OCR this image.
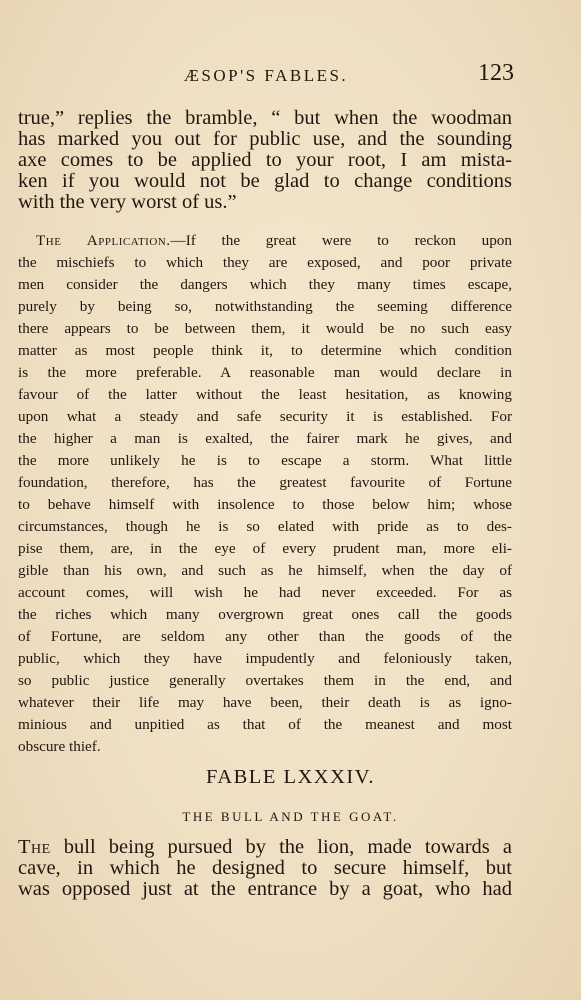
ÆSOP'S FABLES.	123
true,” replies the bramble, “ but when the woodman
has marked you out for public use, and the sounding
axe comes to be applied to your root, I am mista-
ken if you would not be glad to change conditions
with the very worst of us.”
The Application.—If the great were to reckon upon
the mischiefs to which they are exposed, and poor private
men consider the dangers which they many times escape,
purely by being so, notwithstanding the seeming difference
there appears to be between them, it would be no such easy
matter as most people think it, to determine which condition
is the more preferable. A reasonable man would declare in
favour of the latter without the least hesitation, as knowing
upon what a steady and safe security it is established. For
the higher a man is exalted, the fairer mark he gives, and
the more unlikely he is to escape a storm. What little
foundation, therefore, has the greatest favourite of Fortune
to behave himself with insolence to those below him; whose
circumstances, though he is so elated with pride as to des-
pise them, are, in the eye of every prudent man, more eli-
gible than his own, and such as he himself, when the day of
account comes, will wish he had never exceeded. For as
the riches which many overgrown great ones call the goods
of Fortune, are seldom any other than the goods of the
public, which they have impudently and feloniously taken,
so public justice generally overtakes them in the end, and
whatever their life may have been, their death is as igno-
minious and unpitied as that of the meanest and most
obscure thief.
FABLE LXXXIV.
THE BULL AND THE GOAT.
The bull being pursued by the lion, made towards a
cave, in which he designed to secure himself, but
was opposed just at the entrance by a goat, who had
